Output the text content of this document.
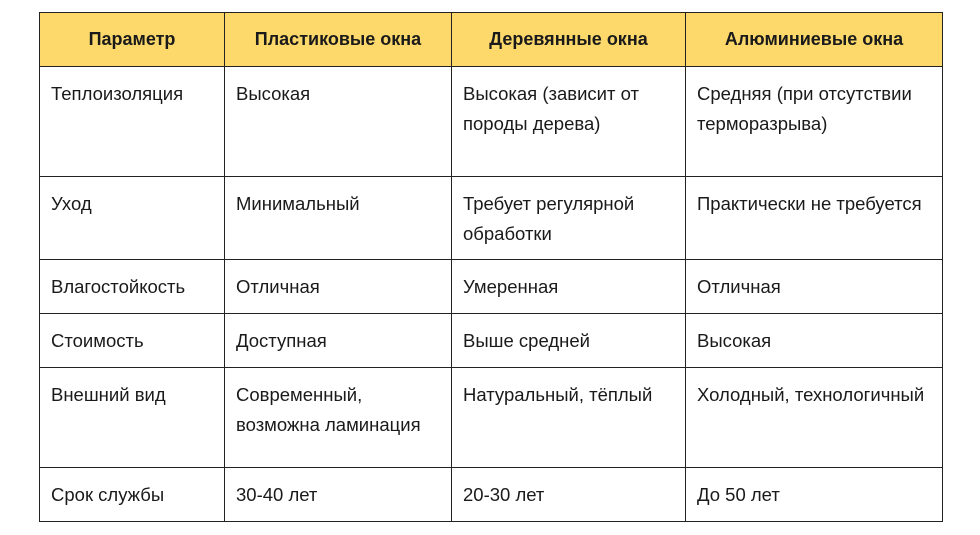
Параметр	Пластиковые окна	Деревянные окна	Алюминиевые окна
Теплоизоляция	Высокая	Высокая (зависит от породы дерева)	Средняя (при отсутствии терморазрыва)
Уход	Минимальный	Требует регулярной обработки	Практически не требуется
Влагостойкость	Отличная	Умеренная	Отличная
Стоимость	Доступная	Выше средней	Высокая
Внешний вид	Современный, возможна ламинация	Натуральный, тёплый	Холодный, технологичный
Срок службы	30-40 лет	20-30 лет	До 50 лет
